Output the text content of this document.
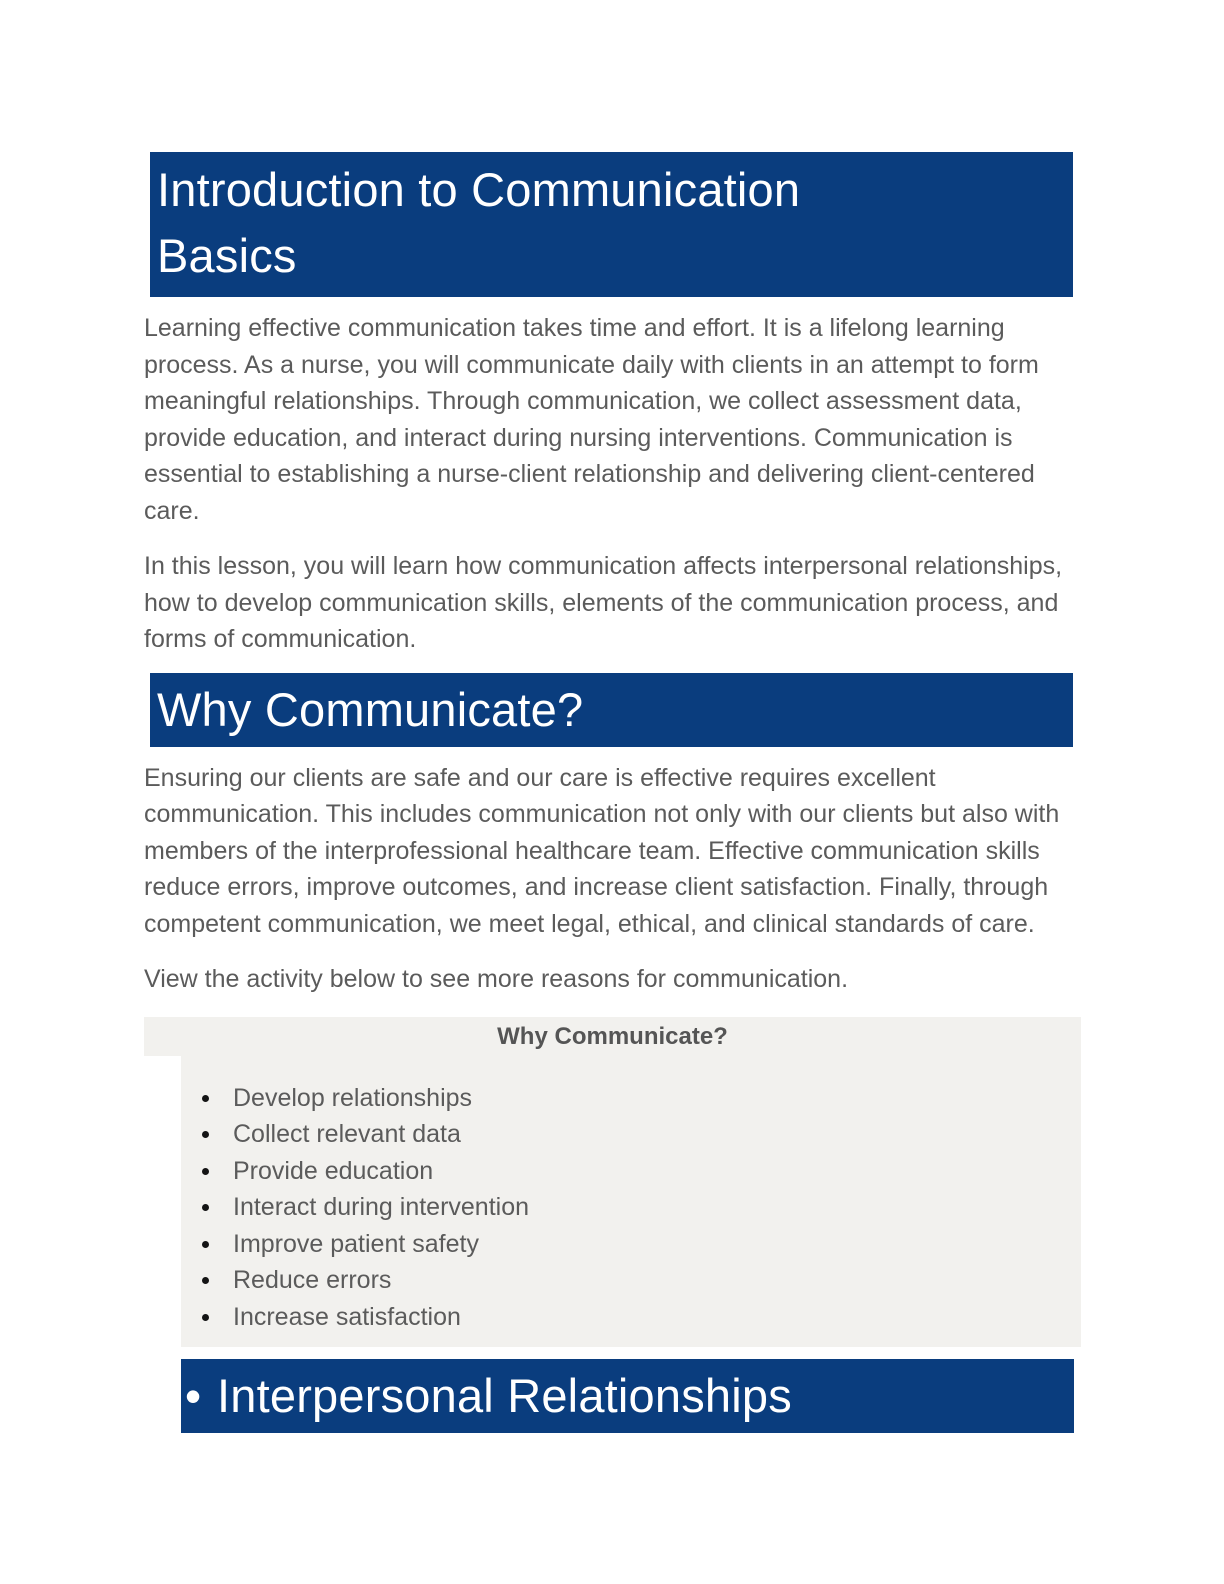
Introduction to Communication
Basics

Learning effective communication takes time and effort. It is a lifelong learning process. As a nurse, you will communicate daily with clients in an attempt to form meaningful relationships. Through communication, we collect assessment data, provide education, and interact during nursing interventions. Communication is essential to establishing a nurse-client relationship and delivering client-centered care.

In this lesson, you will learn how communication affects interpersonal relationships, how to develop communication skills, elements of the communication process, and forms of communication.

Why Communicate?

Ensuring our clients are safe and our care is effective requires excellent communication. This includes communication not only with our clients but also with members of the interprofessional healthcare team. Effective communication skills reduce errors, improve outcomes, and increase client satisfaction. Finally, through competent communication, we meet legal, ethical, and clinical standards of care.

View the activity below to see more reasons for communication.

Why Communicate?
• Develop relationships
• Collect relevant data
• Provide education
• Interact during intervention
• Improve patient safety
• Reduce errors
• Increase satisfaction
• Interpersonal Relationships
